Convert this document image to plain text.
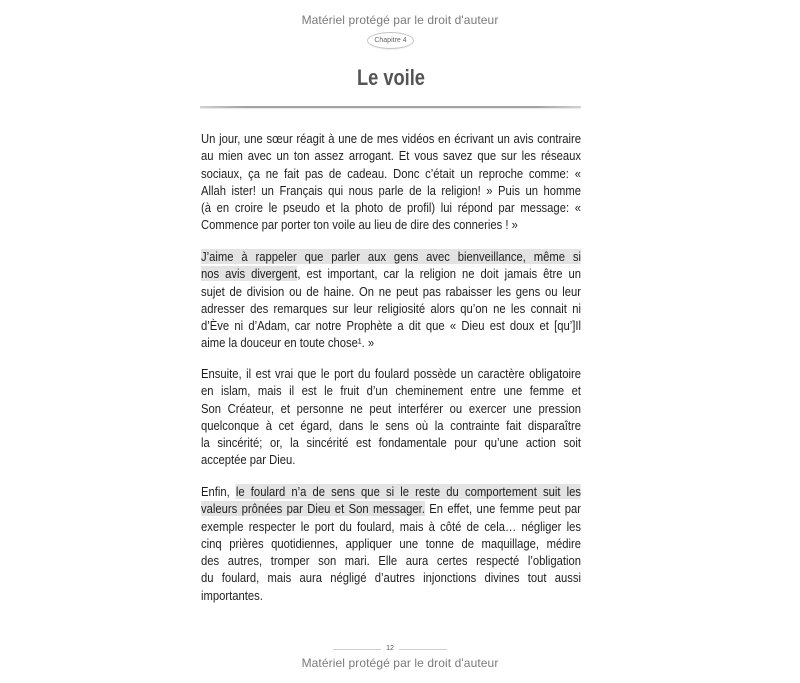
Matériel protégé par le droit d'auteur
Chapitre 4
Le voile
Un jour, une sœur réagit à une de mes vidéos en écrivant un avis contraire
au mien avec un ton assez arrogant. Et vous savez que sur les réseaux
sociaux, ça ne fait pas de cadeau. Donc c’était un reproche comme: «
Allah ister! un Français qui nous parle de la religion! » Puis un homme
(à en croire le pseudo et la photo de profil) lui répond par message: «
Commence par porter ton voile au lieu de dire des conneries ! »
J’aime à rappeler que parler aux gens avec bienveillance, même si
nos avis divergent, est important, car la religion ne doit jamais être un
sujet de division ou de haine. On ne peut pas rabaisser les gens ou leur
adresser des remarques sur leur religiosité alors qu’on ne les connait ni
d’Ève ni d’Adam, car notre Prophète a dit que « Dieu est doux et [qu’]Il
aime la douceur en toute chose¹. »
Ensuite, il est vrai que le port du foulard possède un caractère obligatoire
en islam, mais il est le fruit d’un cheminement entre une femme et
Son Créateur, et personne ne peut interférer ou exercer une pression
quelconque à cet égard, dans le sens où la contrainte fait disparaître
la sincérité; or, la sincérité est fondamentale pour qu’une action soit
acceptée par Dieu.
Enfin, le foulard n’a de sens que si le reste du comportement suit les
valeurs prônées par Dieu et Son messager. En effet, une femme peut par
exemple respecter le port du foulard, mais à côté de cela… négliger les
cinq prières quotidiennes, appliquer une tonne de maquillage, médire
des autres, tromper son mari. Elle aura certes respecté l’obligation
du foulard, mais aura négligé d’autres injonctions divines tout aussi
importantes.
12
Matériel protégé par le droit d'auteur
